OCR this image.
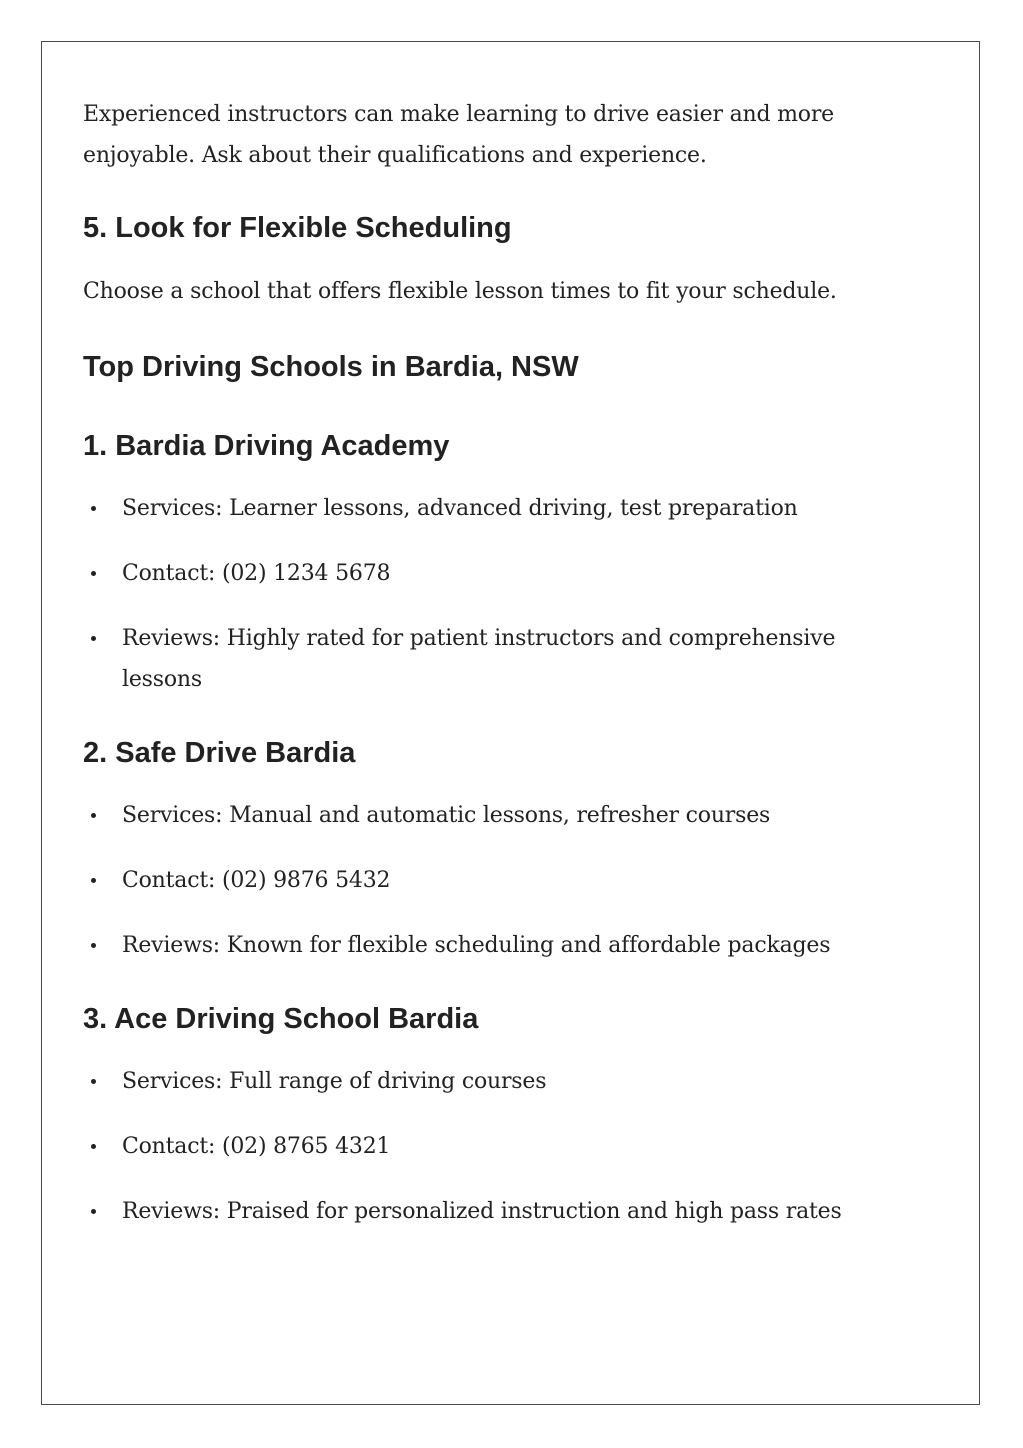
Experienced instructors can make learning to drive easier and more enjoyable. Ask about their qualifications and experience.

5. Look for Flexible Scheduling

Choose a school that offers flexible lesson times to fit your schedule.

Top Driving Schools in Bardia, NSW
1. Bardia Driving Academy
Services: Learner lessons, advanced driving, test preparation
Contact: (02) 1234 5678
Reviews: Highly rated for patient instructors and comprehensive lessons
2. Safe Drive Bardia
Services: Manual and automatic lessons, refresher courses
Contact: (02) 9876 5432
Reviews: Known for flexible scheduling and affordable packages
3. Ace Driving School Bardia
Services: Full range of driving courses
Contact: (02) 8765 4321
Reviews: Praised for personalized instruction and high pass rates
